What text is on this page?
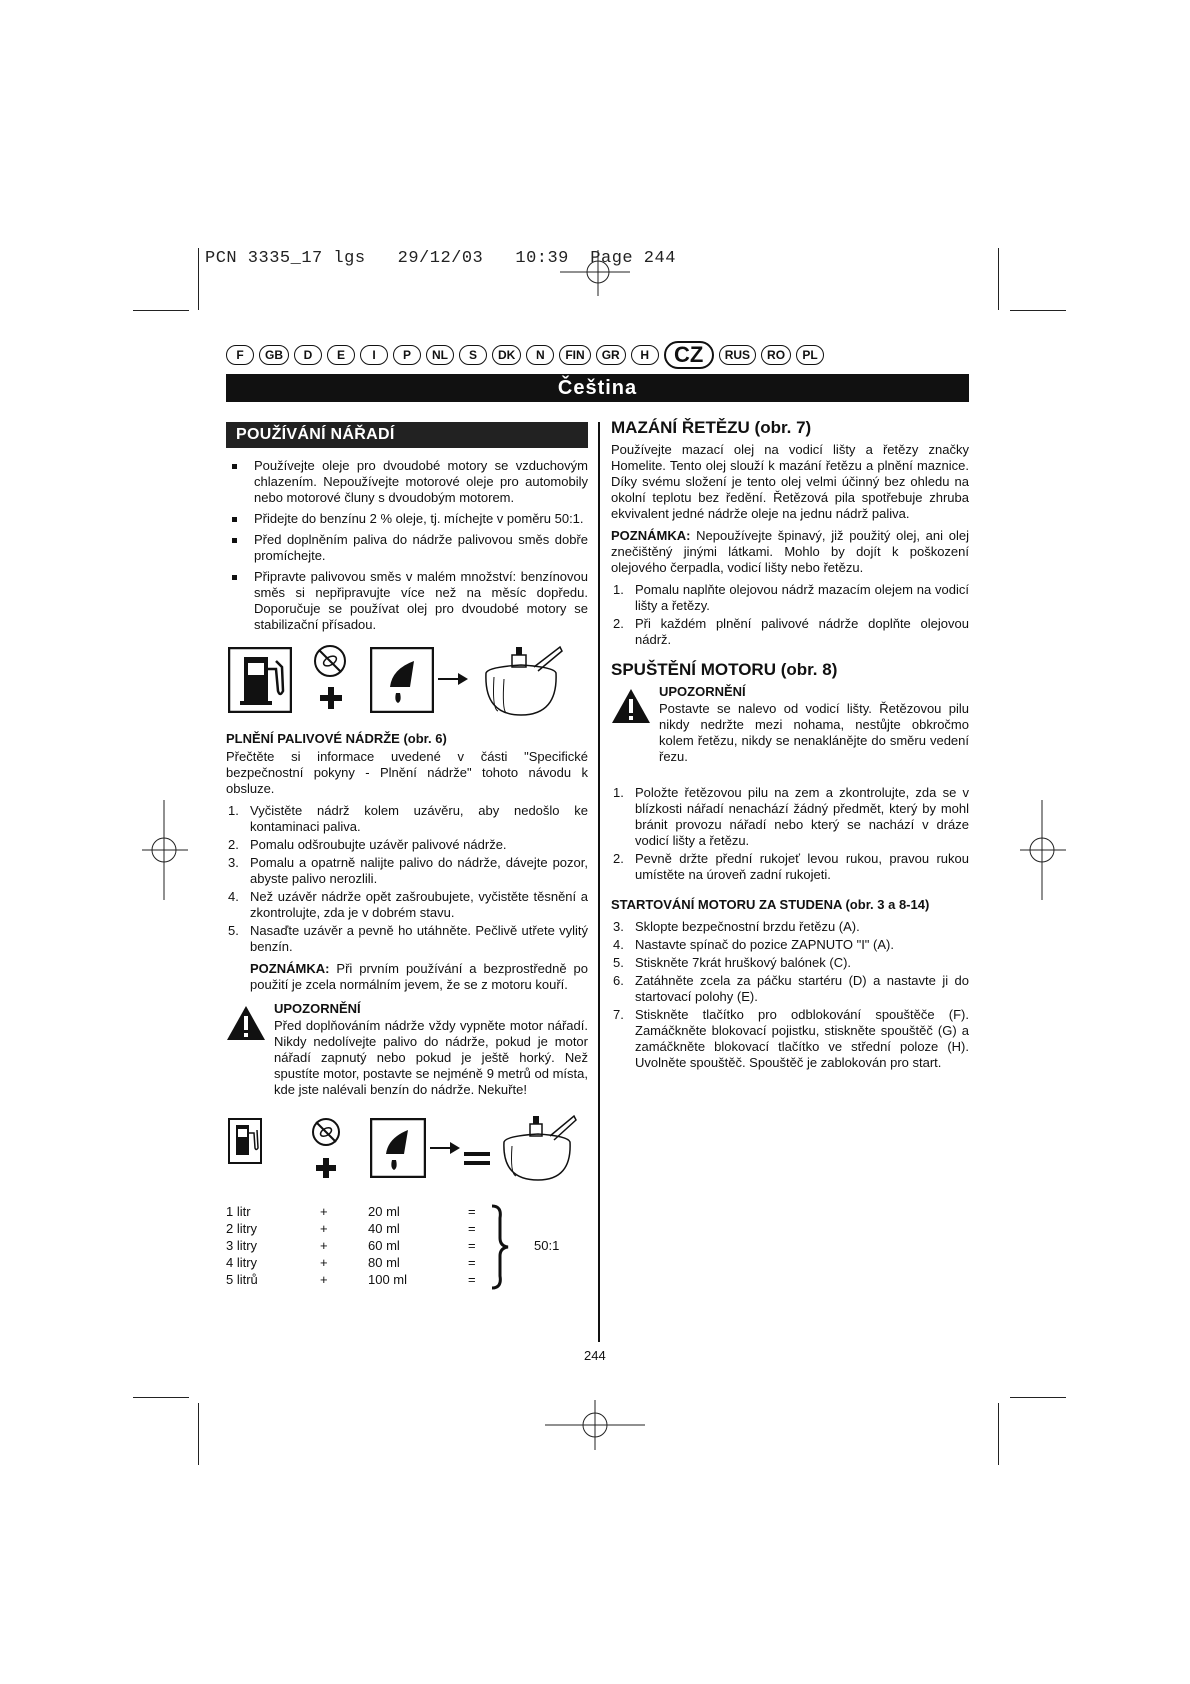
PCN 3335_17 lgs 29/12/03 10:39 Page 244
F	GB	D	E	I	P	NL	S	DK	N	FIN	GR	H	CZ	RUS	RO	PL
Čeština
POUŽÍVÁNÍ NÁŘADÍ
Používejte oleje pro dvoudobé motory se vzduchovým chlazením. Nepoužívejte motorové oleje pro automobily nebo motorové čluny s dvoudobým motorem.
Přidejte do benzínu 2 % oleje, tj. míchejte v poměru 50:1.
Před doplněním paliva do nádrže palivovou směs dobře promíchejte.
Připravte palivovou směs v malém množství: benzínovou směs si nepřipravujte více než na měsíc dopředu. Doporučuje se používat olej pro dvoudobé motory se stabilizační přísadou.
PLNĚNÍ PALIVOVÉ NÁDRŽE (obr. 6)

Přečtěte si informace uvedené v části "Specifické bezpečnostní pokyny - Plnění nádrže" tohoto návodu k obsluze.

1. Vyčistěte nádrž kolem uzávěru, aby nedošlo ke kontaminaci paliva.
2. Pomalu odšroubujte uzávěr palivové nádrže.
3. Pomalu a opatrně nalijte palivo do nádrže, dávejte pozor, abyste palivo nerozlili.
4. Než uzávěr nádrže opět zašroubujete, vyčistěte těsnění a zkontrolujte, zda je v dobrém stavu.
5. Nasaďte uzávěr a pevně ho utáhněte. Pečlivě utřete vylitý benzín.

POZNÁMKA: Při prvním používání a bezprostředně po použití je zcela normálním jevem, že se z motoru kouří.

UPOZORNĚNÍ

Před doplňováním nádrže vždy vypněte motor nářadí. Nikdy nedolívejte palivo do nádrže, pokud je motor nářadí zapnutý nebo pokud je ještě horký. Než spustíte motor, postavte se nejméně 9 metrů od místa, kde jste nalévali benzín do nádrže. Nekuřte!

1 litr	+	20 ml	=
2 litry	+	40 ml	=
3 litry	+	60 ml	=
4 litry	+	80 ml	=
5 litrů	+	100 ml	=
50:1
MAZÁNÍ ŘETĚZU (obr. 7)

Používejte mazací olej na vodicí lišty a řetězy značky Homelite. Tento olej slouží k mazání řetězu a plnění maznice. Díky svému složení je tento olej velmi účinný bez ohledu na okolní teplotu bez ředění. Řetězová pila spotřebuje zhruba ekvivalent jedné nádrže oleje na jednu nádrž paliva.

POZNÁMKA: Nepoužívejte špinavý, již použitý olej, ani olej znečištěný jinými látkami. Mohlo by dojít k poškození olejového čerpadla, vodicí lišty nebo řetězu.

1. Pomalu naplňte olejovou nádrž mazacím olejem na vodicí lišty a řetězy.
2. Při každém plnění palivové nádrže doplňte olejovou nádrž.
SPUŠTĚNÍ MOTORU (obr. 8)
UPOZORNĚNÍ

Postavte se nalevo od vodicí lišty. Řetězovou pilu nikdy nedržte mezi nohama, nestůjte obkročmo kolem řetězu, nikdy se nenaklánějte do směru vedení řezu.

1. Položte řetězovou pilu na zem a zkontrolujte, zda se v blízkosti nářadí nenachází žádný předmět, který by mohl bránit provozu nářadí nebo který se nachází v dráze vodicí lišty a řetězu.
2. Pevně držte přední rukojeť levou rukou, pravou rukou umístěte na úroveň zadní rukojeti.
STARTOVÁNÍ MOTORU ZA STUDENA (obr. 3 a 8-14)
3. Sklopte bezpečnostní brzdu řetězu (A).
4. Nastavte spínač do pozice ZAPNUTO "I" (A).
5. Stiskněte 7krát hruškový balónek (C).
6. Zatáhněte zcela za páčku startéru (D) a nastavte ji do startovací polohy (E).
7. Stiskněte tlačítko pro odblokování spouštěče (F). Zamáčkněte blokovací pojistku, stiskněte spouštěč (G) a zamáčkněte blokovací tlačítko ve střední poloze (H). Uvolněte spouštěč. Spouštěč je zablokován pro start.
244
